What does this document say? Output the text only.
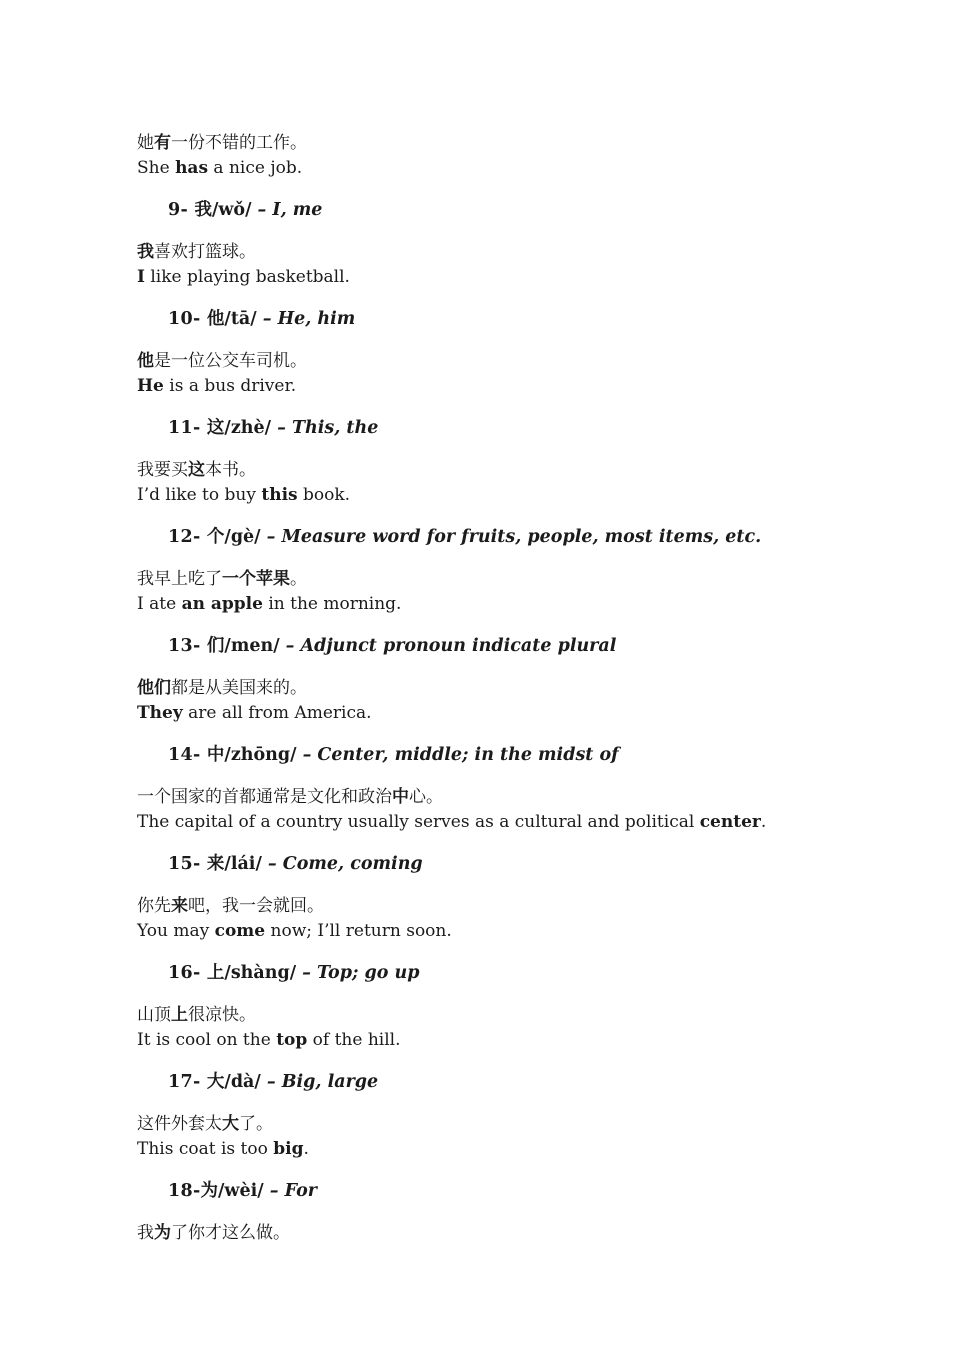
她有一份不错的工作。

She has a nice job.

9- 我/wǒ/ – I, me

我喜欢打篮球。

I like playing basketball.

10- 他/tā/ – He, him

他是一位公交车司机。

He is a bus driver.

11- 这/zhè/ – This, the

我要买这本书。

I’d like to buy this book.

12- 个/gè/ – Measure word for fruits, people, most items, etc.

我早上吃了一个苹果。

I ate an apple in the morning.

13- 们/men/ – Adjunct pronoun indicate plural

他们都是从美国来的。

They are all from America.

14- 中/zhōng/ – Center, middle; in the midst of

一个国家的首都通常是文化和政治中心。

The capital of a country usually serves as a cultural and political center.

15- 来/lái/ – Come, coming

你先来吧，我一会就回。

You may come now; I’ll return soon.

16- 上/shàng/ – Top; go up

山顶上很凉快。

It is cool on the top of the hill.

17- 大/dà/ – Big, large

这件外套太大了。

This coat is too big.

18-为/wèi/ – For

我为了你才这么做。
